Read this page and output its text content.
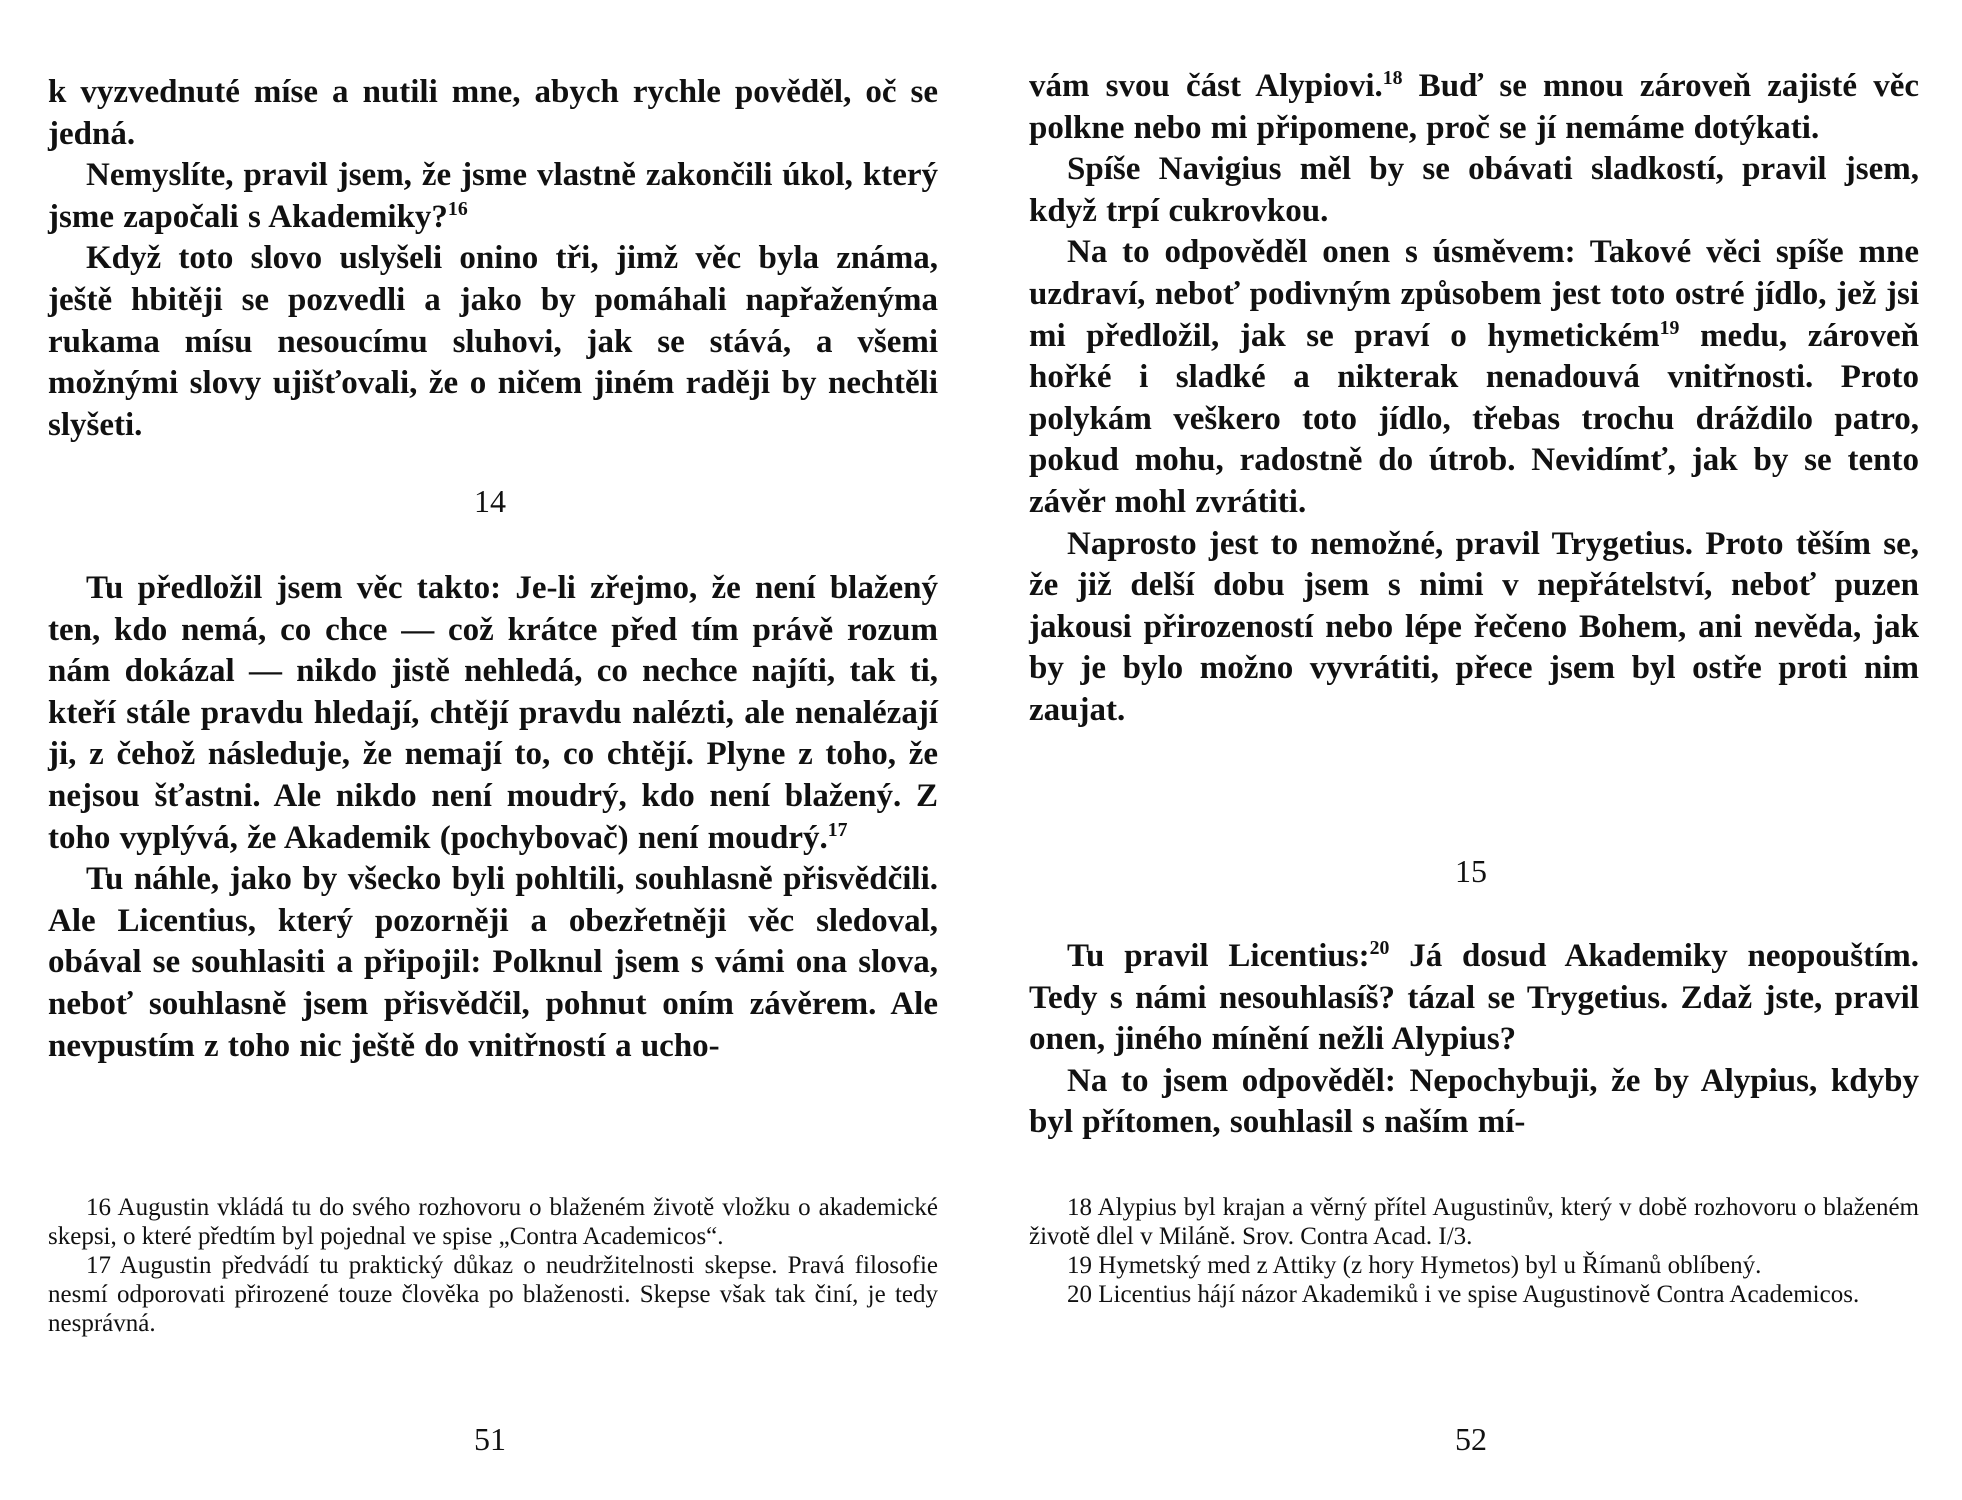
k vyzvednuté míse a nutili mne, abych rychle pověděl, oč se jedná.

Nemyslíte, pravil jsem, že jsme vlastně zakončili úkol, který jsme započali s Akademiky?$^{16}$

Když toto slovo uslyšeli onino tři, jimž věc byla známa, ještě hbitěji se pozvedli a jako by pomáhali napřaženýma rukama mísu nesoucímu sluhovi, jak se stává, a všemi možnými slovy ujišťovali, že o ničem jiném raději by nechtěli slyšeti.

14

Tu předložil jsem věc takto: Je-li zřejmo, že není blažený ten, kdo nemá, co chce — což krátce před tím právě rozum nám dokázal — nikdo jistě nehledá, co nechce najíti, tak ti, kteří stále pravdu hledají, chtějí pravdu nalézti, ale nenalézají ji, z čehož následuje, že nemají to, co chtějí. Plyne z toho, že nejsou šťastni. Ale nikdo není moudrý, kdo není blažený. Z toho vyplývá, že Akademik (pochybovač) není moudrý.$^{17}$

Tu náhle, jako by všecko byli pohltili, souhlasně přisvědčili. Ale Licentius, který pozorněji a obezřetněji věc sledoval, obával se souhlasiti a připojil: Polknul jsem s vámi ona slova, neboť souhlasně jsem přisvědčil, pohnut oním závěrem. Ale nevpustím z toho nic ještě do vnitřností a ucho-

16 Augustin vkládá tu do svého rozhovoru o blaženém životě vložku o akademické skepsi, o které předtím byl pojednal ve spise „Contra Academicos“.

17 Augustin předvádí tu praktický důkaz o neudržitelnosti skepse. Pravá filosofie nesmí odporovati přirozené touze člověka po blaženosti. Skepse však tak činí, je tedy nesprávná.

51

vám svou část Alypiovi.$^{18}$ Buď se mnou zároveň zajisté věc polkne nebo mi připomene, proč se jí nemáme dotýkati.

Spíše Navigius měl by se obávati sladkostí, pravil jsem, když trpí cukrovkou.

Na to odpověděl onen s úsměvem: Takové věci spíše mne uzdraví, neboť podivným způsobem jest toto ostré jídlo, jež jsi mi předložil, jak se praví o hymetickém$^{19}$ medu, zároveň hořké i sladké a nikterak nenadouvá vnitřnosti. Proto polykám veškero toto jídlo, třebas trochu dráždilo patro, pokud mohu, radostně do útrob. Nevidímť, jak by se tento závěr mohl zvrátiti.

Naprosto jest to nemožné, pravil Trygetius. Proto těším se, že již delší dobu jsem s nimi v nepřátelství, neboť puzen jakousi přirozeností nebo lépe řečeno Bohem, ani nevěda, jak by je bylo možno vyvrátiti, přece jsem byl ostře proti nim zaujat.

15

Tu pravil Licentius:$^{20}$ Já dosud Akademiky neopouštím. Tedy s námi nesouhlasíš? tázal se Trygetius. Zdaž jste, pravil onen, jiného mínění nežli Alypius?

Na to jsem odpověděl: Nepochybuji, že by Alypius, kdyby byl přítomen, souhlasil s naším mí-

18 Alypius byl krajan a věrný přítel Augustinův, který v době rozhovoru o blaženém životě dlel v Miláně. Srov. Contra Acad. I/3.

19 Hymetský med z Attiky (z hory Hymetos) byl u Římanů oblíbený.

20 Licentius hájí názor Akademiků i ve spise Augustinově Contra Academicos.

52
